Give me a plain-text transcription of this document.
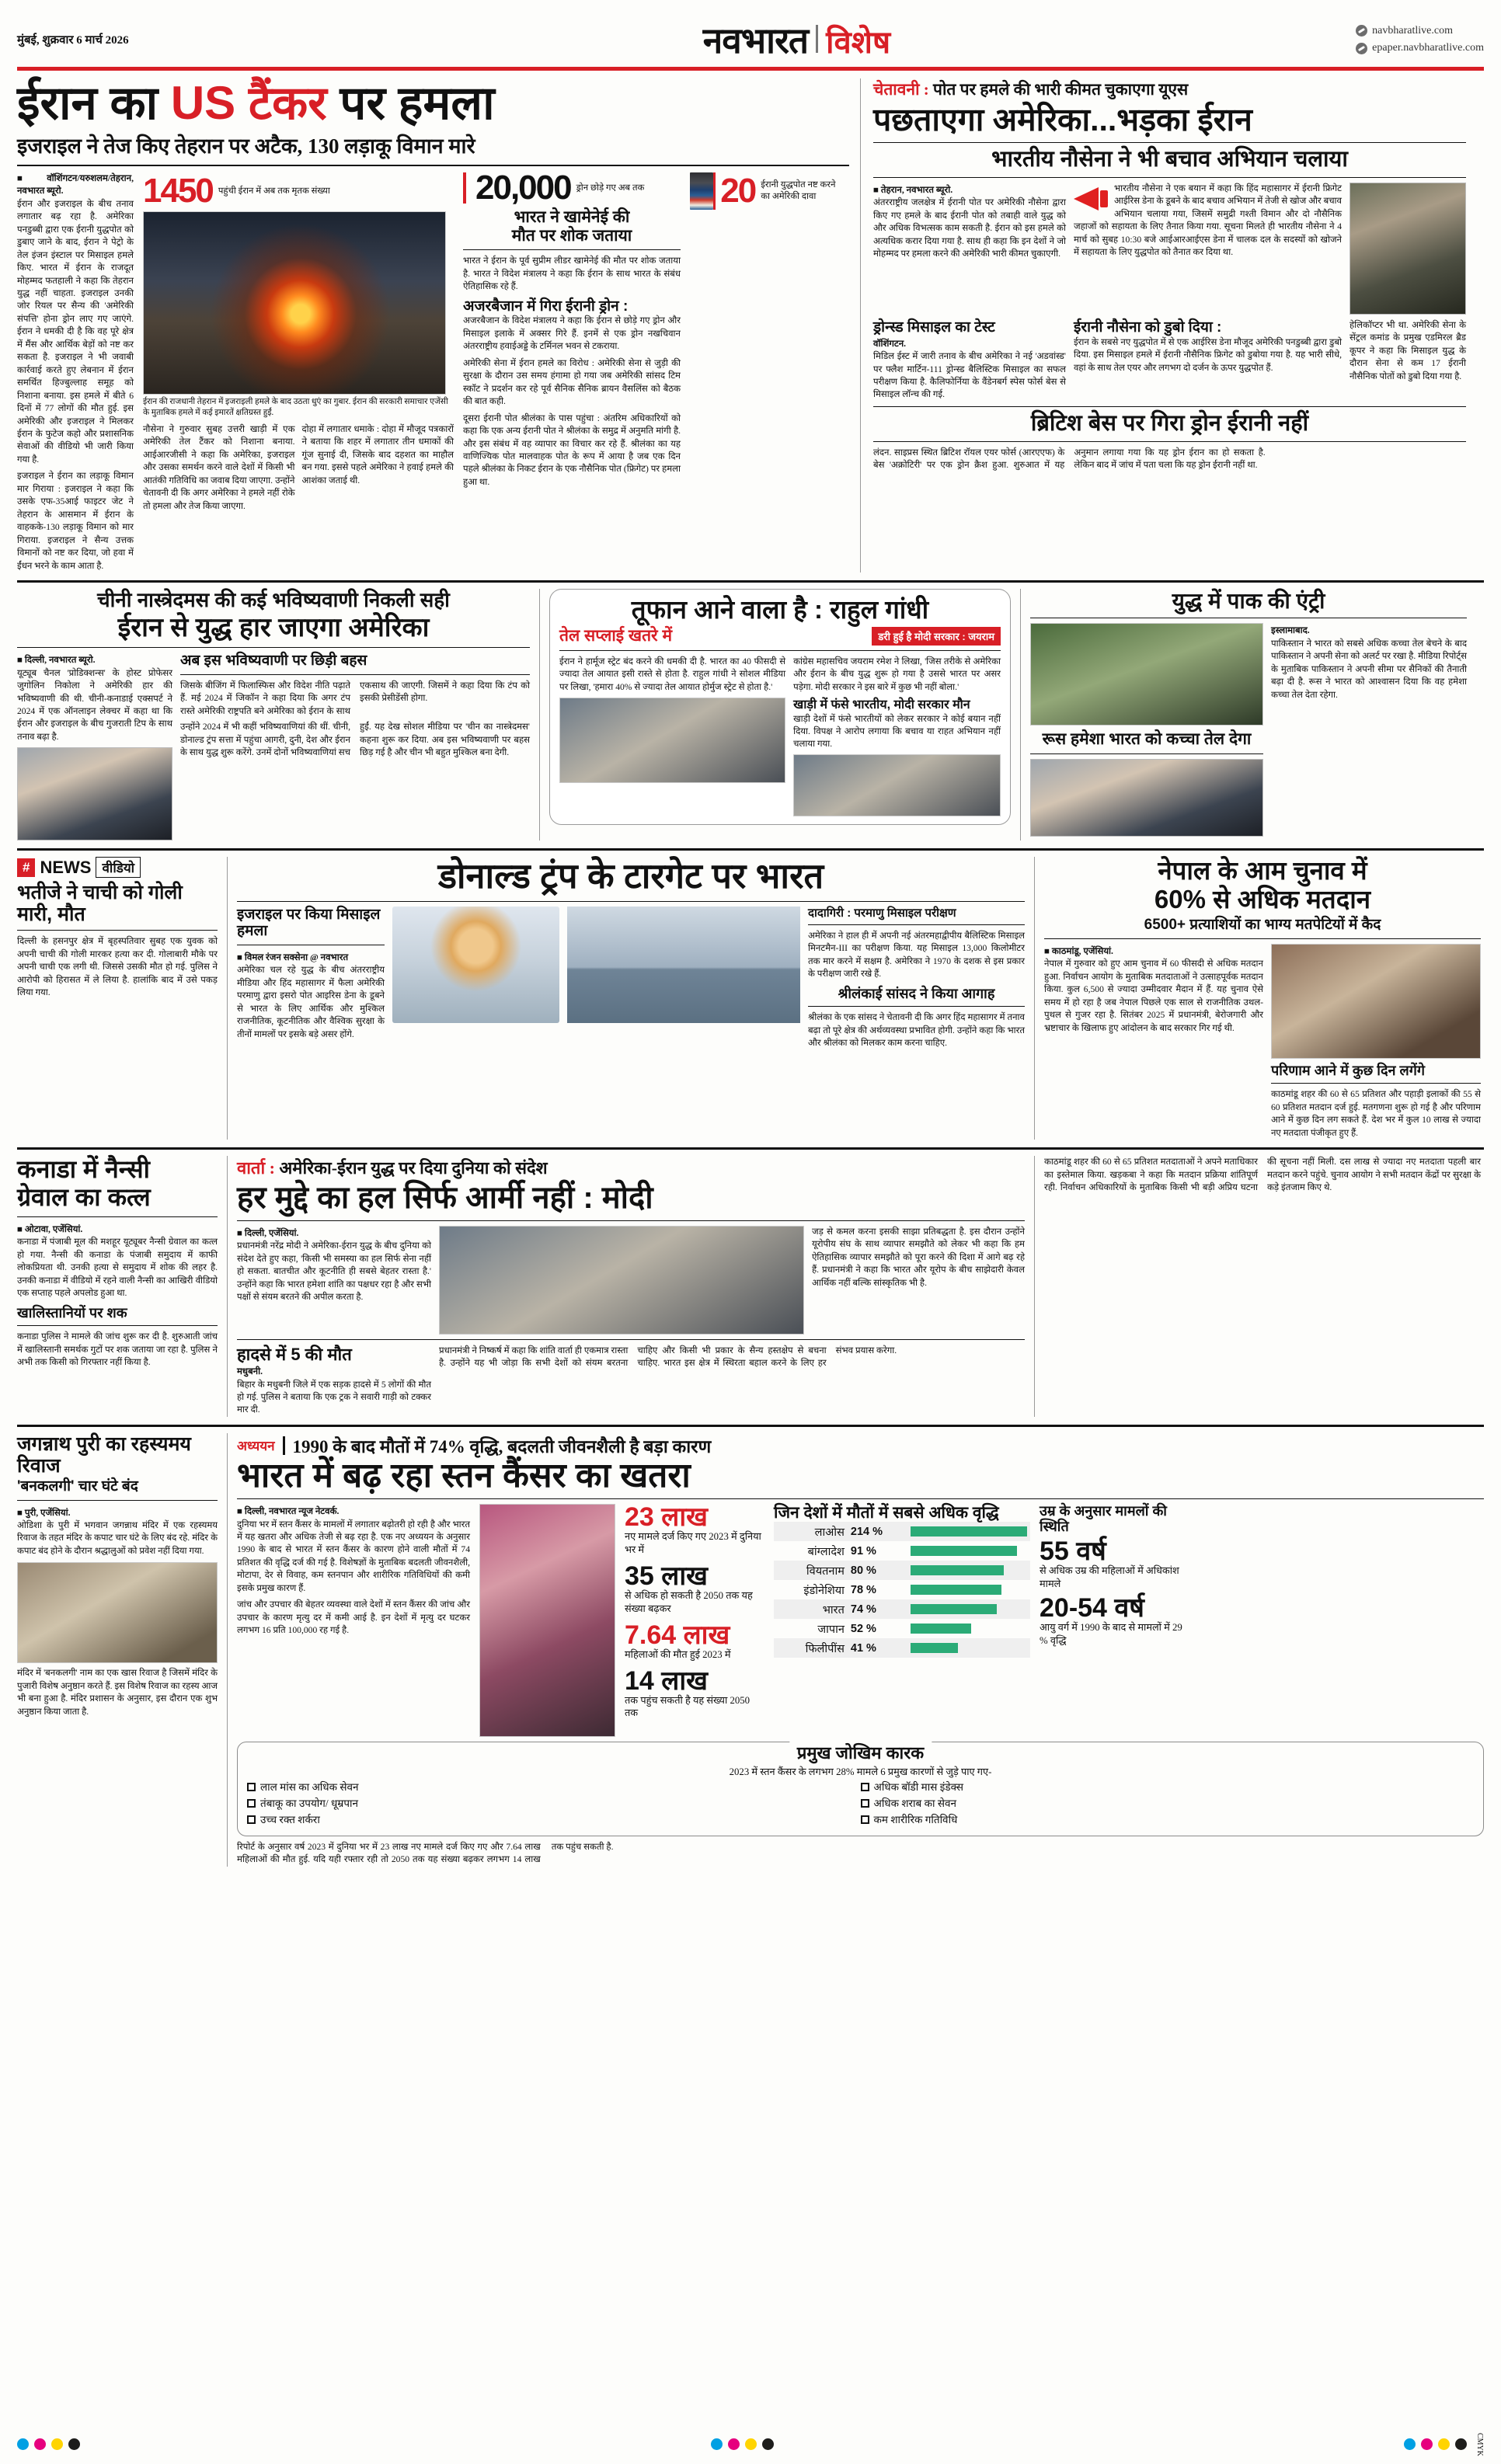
मुंबई, शुक्रवार 6 मार्च 2026	नवभारत विशेष	navbharatlive.com
epaper.navbharatlive.com
ईरान का US टैंकर पर हमला
इजराइल ने तेज किए तेहरान पर अटैक, 130 लड़ाकू विमान मारे
■ वॉशिंगटन/यरुशलम/तेहरान, नवभारत ब्यूरो.
ईरान और इजराइल के बीच तनाव लगातार बढ़ रहा है. अमेरिका पनडुब्बी द्वारा एक ईरानी युद्धपोत को डुबाए जाने के बाद, ईरान ने पेट्रो के तेल इंजन इंस्टाल पर मिसाइल हमले किए. भारत में ईरान के राजदूत मोहम्मद फतहाली ने कहा कि तेहरान युद्ध नहीं चाहता. इजराइल उनकी जोर रियल पर सैन्य की 'अमेरिकी संपत्ति' होना ड्रोन लाए गए जाएंगे. ईरान ने धमकी दी है कि वह पूरे क्षेत्र में मैंस और आर्थिक बेड़ों को नष्ट कर सकता है. इजराइल ने भी जवाबी कार्रवाई करते हुए लेबनान में ईरान समर्थित हिज्बुल्लाह समूह को निशाना बनाया. इस हमले में बीते 6 दिनों में 77 लोगों की मौत हुई. इस अमेरिकी और इजराइल ने मिलकर ईरान के फुटेज कहो और प्रशासनिक सेवाओं की वीडियो भी जारी किया गया है.
इजराइल ने ईरान का लड़ाकू विमान मार गिराया : इजराइल ने कहा कि उसके एफ-35आई फाइटर जेट ने तेहरान के आसमान में ईरान के वाहकके-130 लड़ाकू विमान को मार गिराया. इजराइल ने सैन्य उत्तक विमानों को नष्ट कर दिया, जो हवा में ईंधन भरने के काम आता है.
1450 पहुंची ईरान में अब तक मृतक संख्या
ईरान की राजधानी तेहरान में इजराइली हमले के बाद उठता धुएं का गुबार. ईरान की सरकारी समाचार एजेंसी के मुताबिक हमले में कई इमारतें क्षतिग्रस्त हुईं.
नौसेना ने गुरुवार सुबह उत्तरी खाड़ी में एक अमेरिकी तेल टैंकर को निशाना बनाया. आईआरजीसी ने कहा कि अमेरिका, इजराइल और उसका समर्थन करने वाले देशों में किसी भी आतंकी गतिविधि का जवाब दिया जाएगा. उन्होंने चेतावनी दी कि अगर अमेरिका ने हमले नहीं रोके तो हमला और तेज किया जाएगा.
दोहा में लगातार धमाके : दोहा में मौजूद पत्रकारों ने बताया कि शहर में लगातार तीन धमाकों की गूंज सुनाई दी, जिसके बाद दहशत का माहौल बन गया. इससे पहले अमेरिका ने हवाई हमले की आशंका जताई थी.
20,000 ड्रोन छोड़े गए अब तक
भारत ने खामेनेई की
मौत पर शोक जताया
भारत ने ईरान के पूर्व सुप्रीम लीडर खामेनेई की मौत पर शोक जताया है. भारत ने विदेश मंत्रालय ने कहा कि ईरान के साथ भारत के संबंध ऐतिहासिक रहे हैं.
अजरबैजान में गिरा ईरानी ड्रोन :
अजरबैजान के विदेश मंत्रालय ने कहा कि ईरान से छोड़े गए ड्रोन और मिसाइल इलाके में अक्सर गिरे हैं. इनमें से एक ड्रोन नखचिवान अंतरराष्ट्रीय हवाईअड्डे के टर्मिनल भवन से टकराया.
अमेरिकी सेना में ईरान हमले का विरोध : अमेरिकी सेना से जुड़ी की सुरक्षा के दौरान उस समय हंगामा हो गया जब अमेरिकी सांसद टिम स्कॉट ने प्रदर्शन कर रहे पूर्व सैनिक सैनिक ब्रायन वैसलिंस को बैठक की बात कही.
दूसरा ईरानी पोत श्रीलंका के पास पहुंचा : अंतरिम अधिकारियों को कहा कि एक अन्य ईरानी पोत ने श्रीलंका के समुद्र में अनुमति मांगी है. और इस संबंध में वह व्यापार का विचार कर रहे हैं. श्रीलंका का यह वाणिज्यिक पोत मालवाहक पोत के रूप में आया है जब एक दिन पहले श्रीलंका के निकट ईरान के एक नौसैनिक पोत (फ्रिगेट) पर हमला हुआ था.
20 ईरानी युद्धपोत नष्ट करने का अमेरिकी दावा
चेतावनी : पोत पर हमले की भारी कीमत चुकाएगा यूएस
पछताएगा अमेरिका...भड़का ईरान
भारतीय नौसेना ने भी बचाव अभियान चलाया
■ तेहरान, नवभारत ब्यूरो.
अंतरराष्ट्रीय जलक्षेत्र में ईरानी पोत पर अमेरिकी नौसेना द्वारा किए गए हमले के बाद ईरानी पोत को तबाही वाले युद्ध को और अधिक विभत्सक काम सकती है. ईरान को इस हमले को अत्यधिक करार दिया गया है. साथ ही कहा कि इन देशों ने जो मोहम्मद पर हमला करने की अमेरिकी भारी कीमत चुकाएगी.
भारतीय नौसेना ने एक बयान में कहा कि हिंद महासागर में ईरानी फ्रिगेट आईरिस डेना के डूबने के बाद बचाव अभियान में तेजी से खोज और बचाव अभियान चलाया गया, जिसमें समुद्री गश्ती विमान और दो नौसैनिक जहाजों को सहायता के लिए तैनात किया गया. सूचना मिलते ही भारतीय नौसेना ने 4 मार्च को सुबह 10:30 बजे आईआरआईएस डेना में चालक दल के सदस्यों को खोजने में सहायता के लिए युद्धपोत को तैनात कर दिया था.
ड्रोन्स्ड मिसाइल का टेस्ट
वॉशिंगटन.
मिडिल ईस्ट में जारी तनाव के बीच अमेरिका ने नई 'अडवांस्ड' पर फ्लैश मार्टिन-111 ड्रोन्स्ड बैलिस्टिक मिसाइल का सफल परीक्षण किया है. कैलिफोर्निया के वैंडेनबर्ग स्पेस फोर्स बेस से मिसाइल लॉन्च की गई.
ईरानी नौसेना को डुबो दिया :
ईरान के सबसे नए युद्धपोत में से एक आईरिस डेना मौजूद अमेरिकी पनडुब्बी द्वारा डुबो दिया. इस मिसाइल हमले में ईरानी नौसैनिक फ्रिगेट को डुबोया गया है. यह भारी सीधे, वहां के साथ तेल एयर और लगभग दो दर्जन के ऊपर युद्धपोत हैं.
हेलिकॉप्टर भी था. अमेरिकी सेना के सेंट्रल कमांड के प्रमुख एडमिरल ब्रैड कूपर ने कहा कि मिसाइल युद्ध के दौरान सेना से कम 17 ईरानी नौसैनिक पोतों को डुबो दिया गया है.
ब्रिटिश बेस पर गिरा ड्रोन ईरानी नहीं
लंदन. साइप्रस स्थित ब्रिटिश रॉयल एयर फोर्स (आरएएफ) के बेस 'अक्रोटिरी' पर एक ड्रोन क्रैश हुआ. शुरुआत में यह अनुमान लगाया गया कि यह ड्रोन ईरान का हो सकता है. लेकिन बाद में जांच में पता चला कि यह ड्रोन ईरानी नहीं था.
चीनी नास्त्रेदमस की कई भविष्यवाणी निकली सही
ईरान से युद्ध हार जाएगा अमेरिका
■ दिल्ली, नवभारत ब्यूरो.
यूट्यूब चैनल 'प्रोडिक्शन्स' के होस्ट प्रोफेसर जुगोलिन निकोला ने अमेरिकी हार की भविष्यवाणी की थी. चीनी-कनाडाई एक्सपर्ट ने 2024 में एक ऑनलाइन लेक्चर में कहा था कि ईरान और इजराइल के बीच गुजराती टिप के साथ तनाव बढ़ा है.
अब इस भविष्यवाणी पर छिड़ी बहस
जिसके बीजिंग में फिलास्फिस और विदेश नीति पढ़ाते हैं. मई 2024 में जिकॉन ने कहा दिया कि अगर टंप रास्ते अमेरिकी राष्ट्रपति बने अमेरिका को ईरान के साथ एकसाथ की जाएगी. जिसमें ने कहा दिया कि टंप को इसकी प्रेसीडेंसी होगा.
उन्होंने 2024 में भी कहीं भविष्यवाणियां की थीं. चीनी, डोनाल्ड ट्रंप सत्ता में पहुंचा आगरी, दुनी, देश और ईरान के साथ युद्ध शुरू करेंगे. उनमें दोनों भविष्यवाणियां सच हुईं. यह देख सोशल मीडिया पर 'चीन का नास्त्रेदमस' कहना शुरू कर दिया. अब इस भविष्यवाणी पर बहस छिड़ गई है और चीन भी बहुत मुश्किल बना देगी.
तूफान आने वाला है : राहुल गांधी
तेल सप्लाई खतरे में	डरी हुई है मोदी सरकार : जयराम
ईरान ने हार्मूज स्ट्रेट बंद करने की धमकी दी है. भारत का 40 फीसदी से ज्यादा तेल आयात इसी रास्ते से होता है. राहुल गांधी ने सोशल मीडिया पर लिखा, 'हमारा 40% से ज्यादा तेल आयात होर्मुज स्ट्रेट से होता है.'
कांग्रेस महासचिव जयराम रमेश ने लिखा, 'जिस तरीके से अमेरिका और ईरान के बीच युद्ध शुरू हो गया है उससे भारत पर असर पड़ेगा. मोदी सरकार ने इस बारे में कुछ भी नहीं बोला.'
खाड़ी में फंसे भारतीय, मोदी सरकार मौन
खाड़ी देशों में फंसे भारतीयों को लेकर सरकार ने कोई बयान नहीं दिया. विपक्ष ने आरोप लगाया कि बचाव या राहत अभियान नहीं चलाया गया.
युद्ध में पाक की एंट्री
रूस हमेशा भारत को कच्चा तेल देगा
इस्लामाबाद.
पाकिस्तान ने भारत को सबसे अधिक कच्चा तेल बेचने के बाद पाकिस्तान ने अपनी सेना को अलर्ट पर रखा है. मीडिया रिपोर्ट्स के मुताबिक पाकिस्तान ने अपनी सीमा पर सैनिकों की तैनाती बढ़ा दी है. रूस ने भारत को आश्वासन दिया कि वह हमेशा कच्चा तेल देता रहेगा.
# NEWS वीडियो
भतीजे ने चाची को गोली मारी, मौत
दिल्ली के हसनपुर क्षेत्र में बृहस्पतिवार सुबह एक युवक को अपनी चाची की गोली मारकर हत्या कर दी. गोलाबारी मौके पर अपनी चाची एक लगी थी. जिससे उसकी मौत हो गई. पुलिस ने आरोपी को हिरासत में ले लिया है. हालांकि बाद में उसे पकड़ लिया गया.
डोनाल्ड ट्रंप के टारगेट पर भारत
इजराइल पर किया मिसाइल हमला
■ विमल रंजन सक्सेना @ नवभारत
अमेरिका चल रहे युद्ध के बीच अंतरराष्ट्रीय मीडिया और हिंद महासागर में फैला अमेरिकी परमाणु द्वारा इसरो पोत आइरिस डेना के डूबने से भारत के लिए आर्थिक और मुश्किल राजनीतिक, कूटनीतिक और वैश्विक सुरक्षा के तीनों मामलों पर इसके बड़े असर होंगे.
दादागिरी : परमाणु मिसाइल परीक्षण
अमेरिका ने हाल ही में अपनी नई अंतरमहाद्वीपीय बैलिस्टिक मिसाइल मिनटमैन-III का परीक्षण किया. यह मिसाइल 13,000 किलोमीटर तक मार करने में सक्षम है. अमेरिका ने 1970 के दशक से इस प्रकार के परीक्षण जारी रखे हैं.
श्रीलंकाई सांसद ने किया आगाह
श्रीलंका के एक सांसद ने चेतावनी दी कि अगर हिंद महासागर में तनाव बढ़ा तो पूरे क्षेत्र की अर्थव्यवस्था प्रभावित होगी. उन्होंने कहा कि भारत और श्रीलंका को मिलकर काम करना चाहिए.
नेपाल के आम चुनाव में
60% से अधिक मतदान
6500+ प्रत्याशियों का भाग्य मतपेटियों में कैद
■ काठमांडू, एजेंसियां.
नेपाल में गुरुवार को हुए आम चुनाव में 60 फीसदी से अधिक मतदान हुआ. निर्वाचन आयोग के मुताबिक मतदाताओं ने उत्साहपूर्वक मतदान किया. कुल 6,500 से ज्यादा उम्मीदवार मैदान में हैं. यह चुनाव ऐसे समय में हो रहा है जब नेपाल पिछले एक साल से राजनीतिक उथल-पुथल से गुजर रहा है. सितंबर 2025 में प्रधानमंत्री, बेरोजगारी और भ्रष्टाचार के खिलाफ हुए आंदोलन के बाद सरकार गिर गई थी.
परिणाम आने में कुछ दिन लगेंगे
काठमांडू शहर की 60 से 65 प्रतिशत और पहाड़ी इलाकों की 55 से 60 प्रतिशत मतदान दर्ज हुई. मतगणना शुरू हो गई है और परिणाम आने में कुछ दिन लग सकते हैं. देश भर में कुल 10 लाख से ज्यादा नए मतदाता पंजीकृत हुए हैं.
कनाडा में नैन्सी
ग्रेवाल का कत्ल
■ ओटावा, एजेंसियां.
कनाडा में पंजाबी मूल की मशहूर यूट्यूबर नैन्सी ग्रेवाल का कत्ल हो गया. नैन्सी की कनाडा के पंजाबी समुदाय में काफी लोकप्रियता थी. उनकी हत्या से समुदाय में शोक की लहर है. उनकी कनाडा में वीडियो में रहने वाली नैन्सी का आखिरी वीडियो एक सप्ताह पहले अपलोड हुआ था.
खालिस्तानियों पर शक
कनाडा पुलिस ने मामले की जांच शुरू कर दी है. शुरुआती जांच में खालिस्तानी समर्थक गुटों पर शक जताया जा रहा है. पुलिस ने अभी तक किसी को गिरफ्तार नहीं किया है.
वार्ता : अमेरिका-ईरान युद्ध पर दिया दुनिया को संदेश
हर मुद्दे का हल सिर्फ आर्मी नहीं : मोदी
■ दिल्ली, एजेंसियां.
प्रधानमंत्री नरेंद्र मोदी ने अमेरिका-ईरान युद्ध के बीच दुनिया को संदेश देते हुए कहा, 'किसी भी समस्या का हल सिर्फ सेना नहीं हो सकता. बातचीत और कूटनीति ही सबसे बेहतर रास्ता है.' उन्होंने कहा कि भारत हमेशा शांति का पक्षधर रहा है और सभी पक्षों से संयम बरतने की अपील करता है.
जड़ से कमल करना इसकी साझा प्रतिबद्धता है. इस दौरान उन्होंने यूरोपीय संघ के साथ व्यापार समझौते को लेकर भी कहा कि हम ऐतिहासिक व्यापार समझौते को पूरा करने की दिशा में आगे बढ़ रहे हैं. प्रधानमंत्री ने कहा कि भारत और यूरोप के बीच साझेदारी केवल आर्थिक नहीं बल्कि सांस्कृतिक भी है.
हादसे में 5 की मौत
मधुबनी.
बिहार के मधुबनी जिले में एक सड़क हादसे में 5 लोगों की मौत हो गई. पुलिस ने बताया कि एक ट्रक ने सवारी गाड़ी को टक्कर मार दी.
प्रधानमंत्री ने निष्कर्ष में कहा कि शांति वार्ता ही एकमात्र रास्ता है. उन्होंने यह भी जोड़ा कि सभी देशों को संयम बरतना चाहिए और किसी भी प्रकार के सैन्य हस्तक्षेप से बचना चाहिए. भारत इस क्षेत्र में स्थिरता बहाल करने के लिए हर संभव प्रयास करेगा.
काठमांडू शहर की 60 से 65 प्रतिशत मतदाताओं ने अपने मताधिकार का इस्तेमाल किया. खड़कबा ने कहा कि मतदान प्रक्रिया शांतिपूर्ण रही. निर्वाचन अधिकारियों के मुताबिक किसी भी बड़ी अप्रिय घटना की सूचना नहीं मिली. दस लाख से ज्यादा नए मतदाता पहली बार मतदान करने पहुंचे. चुनाव आयोग ने सभी मतदान केंद्रों पर सुरक्षा के कड़े इंतजाम किए थे.
जगन्नाथ पुरी का रहस्यमय रिवाज
'बनकलगी' चार घंटे बंद
■ पुरी, एजेंसियां.
ओडिशा के पुरी में भगवान जगन्नाथ मंदिर में एक रहस्यमय रिवाज के तहत मंदिर के कपाट चार घंटे के लिए बंद रहे. मंदिर के कपाट बंद होने के दौरान श्रद्धालुओं को प्रवेश नहीं दिया गया.
मंदिर में 'बनकलगी' नाम का एक खास रिवाज है जिसमें मंदिर के पुजारी विशेष अनुष्ठान करते हैं. इस विशेष रिवाज का रहस्य आज भी बना हुआ है. मंदिर प्रशासन के अनुसार, इस दौरान एक शुभ अनुष्ठान किया जाता है.
अध्ययन 1990 के बाद मौतों में 74% वृद्धि, बदलती जीवनशैली है बड़ा कारण
भारत में बढ़ रहा स्तन कैंसर का खतरा
■ दिल्ली, नवभारत न्यूज नेटवर्क.
दुनिया भर में स्तन कैंसर के मामलों में लगातार बढ़ोतरी हो रही है और भारत में यह खतरा और अधिक तेजी से बढ़ रहा है. एक नए अध्ययन के अनुसार 1990 के बाद से भारत में स्तन कैंसर के कारण होने वाली मौतों में 74 प्रतिशत की वृद्धि दर्ज की गई है. विशेषज्ञों के मुताबिक बदलती जीवनशैली, मोटापा, देर से विवाह, कम स्तनपान और शारीरिक गतिविधियों की कमी इसके प्रमुख कारण हैं.
जांच और उपचार की बेहतर व्यवस्था वाले देशों में स्तन कैंसर की जांच और उपचार के कारण मृत्यु दर में कमी आई है. इन देशों में मृत्यु दर घटकर लगभग 16 प्रति 100,000 रह गई है.
23 लाख
नए मामले दर्ज किए गए 2023 में दुनिया भर में
35 लाख
से अधिक हो सकती है 2050 तक यह संख्या बढ़कर
7.64 लाख
महिलाओं की मौत हुई 2023 में
14 लाख
तक पहुंच सकती है यह संख्या 2050 तक
जिन देशों में मौतों में सबसे अधिक वृद्धि
लाओस	214 %	

बांग्लादेश	91 %	

वियतनाम	80 %	

इंडोनेशिया	78 %	

भारत	74 %	

जापान	52 %	

फिलीपींस	41 %	
उम्र के अनुसार मामलों की स्थिति
55 वर्ष
से अधिक उम्र की महिलाओं में अधिकांश मामले
20-54 वर्ष
आयु वर्ग में 1990 के बाद से मामलों में 29 % वृद्धि
प्रमुख जोखिम कारक
2023 में स्तन कैंसर के लगभग 28% मामले 6 प्रमुख कारणों से जुड़े पाए गए-
लाल मांस का अधिक सेवन	अधिक बॉडी मास इंडेक्स
तंबाकू का उपयोग/ धूम्रपान	अधिक शराब का सेवन
उच्च रक्त शर्करा	कम शारीरिक गतिविधि
रिपोर्ट के अनुसार वर्ष 2023 में दुनिया भर में 23 लाख नए मामले दर्ज किए गए और 7.64 लाख महिलाओं की मौत हुई. यदि यही रफ्तार रही तो 2050 तक यह संख्या बढ़कर लगभग 14 लाख तक पहुंच सकती है.
CMYK
